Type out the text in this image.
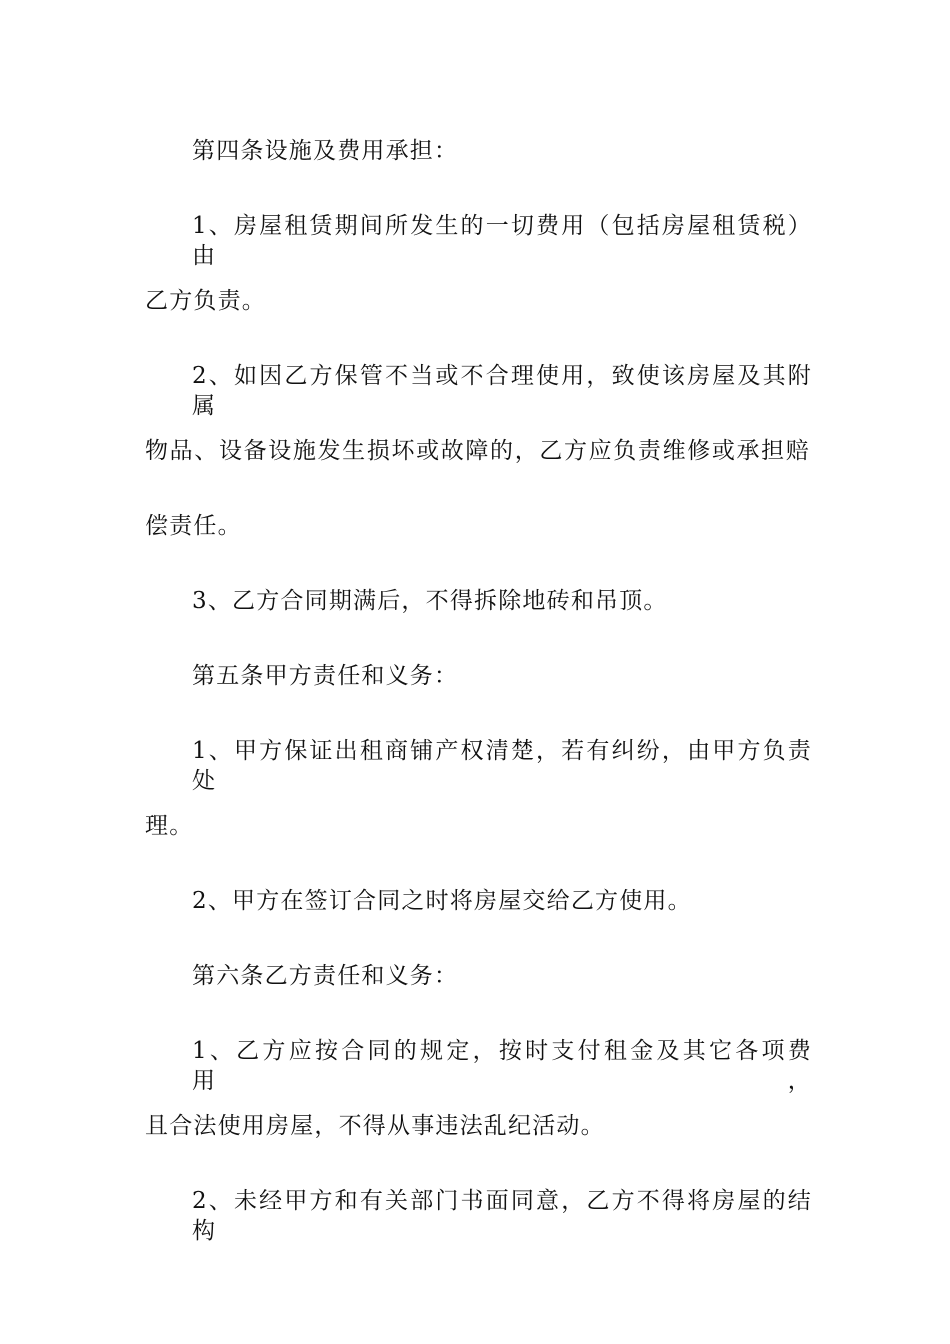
第四条设施及费用承担：
1、房屋租赁期间所发生的一切费用（包括房屋租赁税）由
乙方负责。
2、如因乙方保管不当或不合理使用，致使该房屋及其附属
物品、设备设施发生损坏或故障的，乙方应负责维修或承担赔
偿责任。
3、乙方合同期满后，不得拆除地砖和吊顶。
第五条甲方责任和义务：
1、甲方保证出租商铺产权清楚，若有纠纷，由甲方负责处
理。
2、甲方在签订合同之时将房屋交给乙方使用。
第六条乙方责任和义务：
1、乙方应按合同的规定，按时支付租金及其它各项费用，
且合法使用房屋，不得从事违法乱纪活动。
2、未经甲方和有关部门书面同意，乙方不得将房屋的结构
